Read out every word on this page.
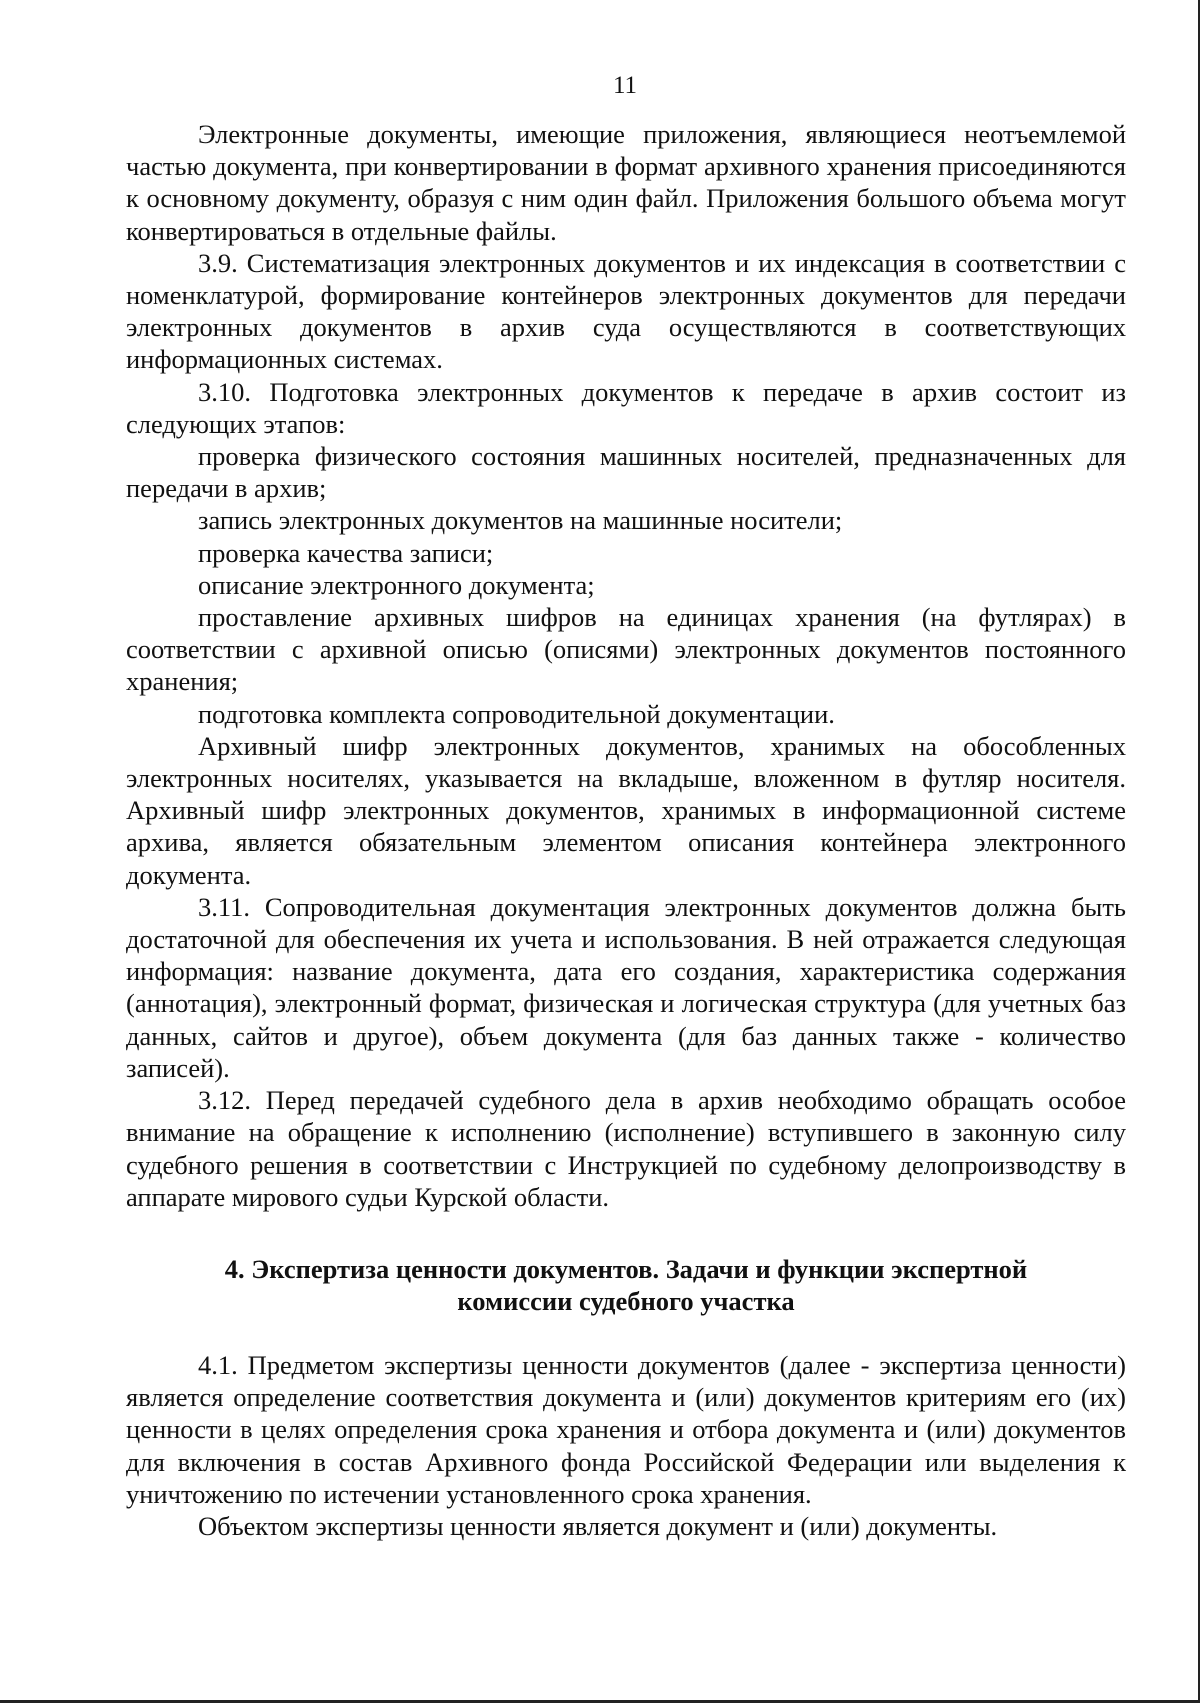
11

Электронные документы, имеющие приложения, являющиеся неотъемлемой частью документа, при конвертировании в формат архивного хранения присоединяются к основному документу, образуя с ним один файл. Приложения большого объема могут конвертироваться в отдельные файлы.

3.9. Систематизация электронных документов и их индексация в соответствии с номенклатурой, формирование контейнеров электронных документов для передачи электронных документов в архив суда осуществляются в соответствующих информационных системах.

3.10. Подготовка электронных документов к передаче в архив состоит из следующих этапов:

проверка физического состояния машинных носителей, предназначенных для передачи в архив;

запись электронных документов на машинные носители;

проверка качества записи;

описание электронного документа;

проставление архивных шифров на единицах хранения (на футлярах) в соответствии с архивной описью (описями) электронных документов постоянного хранения;

подготовка комплекта сопроводительной документации.

Архивный шифр электронных документов, хранимых на обособленных электронных носителях, указывается на вкладыше, вложенном в футляр носителя. Архивный шифр электронных документов, хранимых в информационной системе архива, является обязательным элементом описания контейнера электронного документа.

3.11. Сопроводительная документация электронных документов должна быть достаточной для обеспечения их учета и использования. В ней отражается следующая информация: название документа, дата его создания, характеристика содержания (аннотация), электронный формат, физическая и логическая структура (для учетных баз данных, сайтов и другое), объем документа (для баз данных также - количество записей).

3.12. Перед передачей судебного дела в архив необходимо обращать особое внимание на обращение к исполнению (исполнение) вступившего в законную силу судебного решения в соответствии с Инструкцией по судебному делопроизводству в аппарате мирового судьи Курской области.

4. Экспертиза ценности документов. Задачи и функции экспертной
комиссии судебного участка

4.1. Предметом экспертизы ценности документов (далее - экспертиза ценности) является определение соответствия документа и (или) документов критериям его (их) ценности в целях определения срока хранения и отбора документа и (или) документов для включения в состав Архивного фонда Российской Федерации или выделения к уничтожению по истечении установленного срока хранения.

Объектом экспертизы ценности является документ и (или) документы.
